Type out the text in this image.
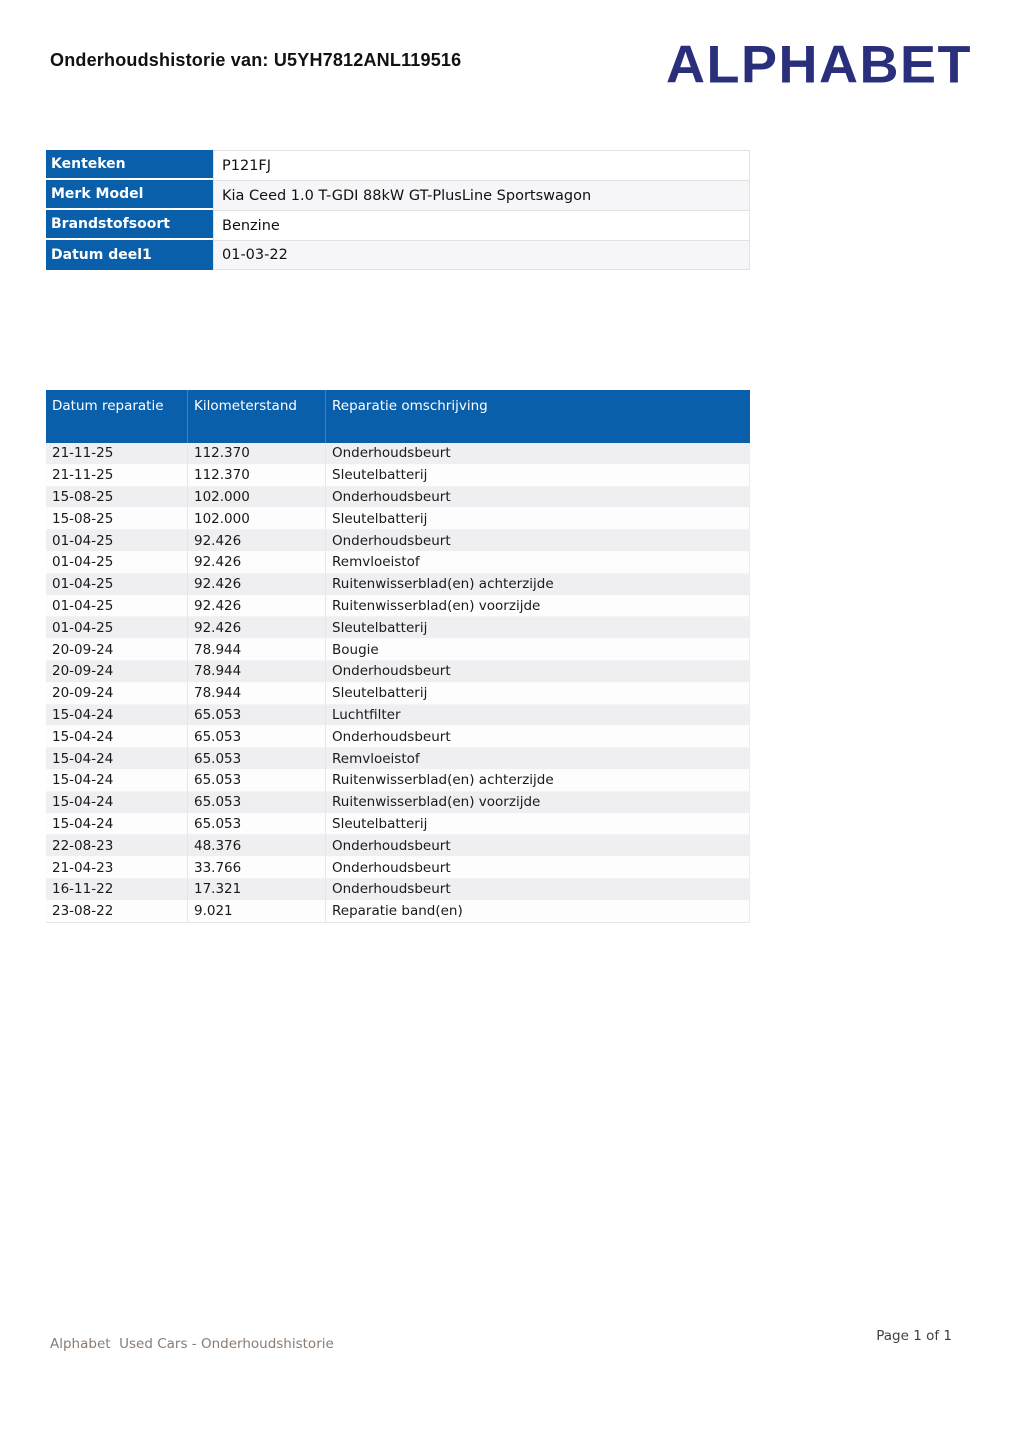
Onderhoudshistorie van: U5YH7812ANL119516	ALPHABET
Kenteken	P121FJ
Merk Model	Kia Ceed 1.0 T-GDI 88kW GT-PlusLine Sportswagon
Brandstofsoort	Benzine
Datum deel1	01-03-22
Datum reparatie	Kilometerstand	Reparatie omschrijving
21-11-25	112.370	Onderhoudsbeurt
21-11-25	112.370	Sleutelbatterij
15-08-25	102.000	Onderhoudsbeurt
15-08-25	102.000	Sleutelbatterij
01-04-25	92.426	Onderhoudsbeurt
01-04-25	92.426	Remvloeistof
01-04-25	92.426	Ruitenwisserblad(en) achterzijde
01-04-25	92.426	Ruitenwisserblad(en) voorzijde
01-04-25	92.426	Sleutelbatterij
20-09-24	78.944	Bougie
20-09-24	78.944	Onderhoudsbeurt
20-09-24	78.944	Sleutelbatterij
15-04-24	65.053	Luchtfilter
15-04-24	65.053	Onderhoudsbeurt
15-04-24	65.053	Remvloeistof
15-04-24	65.053	Ruitenwisserblad(en) achterzijde
15-04-24	65.053	Ruitenwisserblad(en) voorzijde
15-04-24	65.053	Sleutelbatterij
22-08-23	48.376	Onderhoudsbeurt
21-04-23	33.766	Onderhoudsbeurt
16-11-22	17.321	Onderhoudsbeurt
23-08-22	9.021	Reparatie band(en)
Alphabet  Used Cars - Onderhoudshistorie	Page 1 of 1
